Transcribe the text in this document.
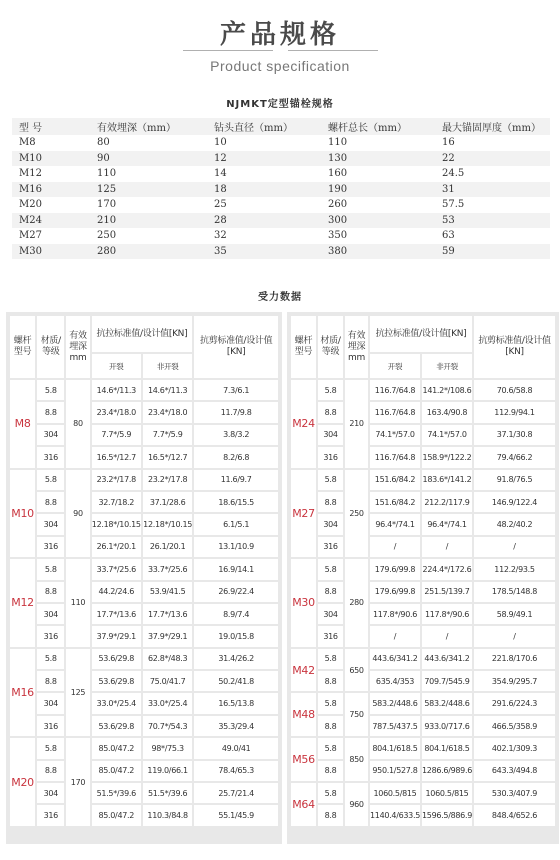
产品规格
Product specification
NJMKT定型锚栓规格
型 号	有效埋深（mm）	钻头直径（mm）	螺杆总长（mm）	最大锚固厚度（mm）
M8	80	10	110	16
M10	90	12	130	22
M12	110	14	160	24.5
M16	125	18	190	31
M20	170	25	260	57.5
M24	210	28	300	53
M27	250	32	350	63
M30	280	35	380	59
受力数据
螺杆型号	材质/等级	有效埋深mm	抗拉标准值/设计值[KN]		抗剪标准值/设计值[KN]
			开裂	非开裂	
M8	5.8	80	14.6*/11.3	14.6*/11.3	7.3/6.1
	8.8		23.4*/18.0	23.4*/18.0	11.7/9.8
	304		7.7*/5.9	7.7*/5.9	3.8/3.2
	316		16.5*/12.7	16.5*/12.7	8.2/6.8
M10	5.8	90	23.2*/17.8	23.2*/17.8	11.6/9.7
	8.8		32.7/18.2	37.1/28.6	18.6/15.5
	304		12.18*/10.15	12.18*/10.15	6.1/5.1
	316		26.1*/20.1	26.1/20.1	13.1/10.9
M12	5.8	110	33.7*/25.6	33.7*/25.6	16.9/14.1
	8.8		44.2/24.6	53.9/41.5	26.9/22.4
	304		17.7*/13.6	17.7*/13.6	8.9/7.4
	316		37.9*/29.1	37.9*/29.1	19.0/15.8
M16	5.8	125	53.6/29.8	62.8*/48.3	31.4/26.2
	8.8		53.6/29.8	75.0/41.7	50.2/41.8
	304		33.0*/25.4	33.0*/25.4	16.5/13.8
	316		53.6/29.8	70.7*/54.3	35.3/29.4
M20	5.8	170	85.0/47.2	98*/75.3	49.0/41
	8.8		85.0/47.2	119.0/66.1	78.4/65.3
	304		51.5*/39.6	51.5*/39.6	25.7/21.4
	316		85.0/47.2	110.3/84.8	55.1/45.9
螺杆型号	材质/等级	有效埋深mm	抗拉标准值/设计值[KN]		抗剪标准值/设计值[KN]
			开裂	非开裂	
M24	5.8	210	116.7/64.8	141.2*/108.6	70.6/58.8
	8.8		116.7/64.8	163.4/90.8	112.9/94.1
	304		74.1*/57.0	74.1*/57.0	37.1/30.8
	316		116.7/64.8	158.9*/122.2	79.4/66.2
M27	5.8	250	151.6/84.2	183.6*/141.2	91.8/76.5
	8.8		151.6/84.2	212.2/117.9	146.9/122.4
	304		96.4*/74.1	96.4*/74.1	48.2/40.2
	316		/	/	/
M30	5.8	280	179.6/99.8	224.4*/172.6	112.2/93.5
	8.8		179.6/99.8	251.5/139.7	178.5/148.8
	304		117.8*/90.6	117.8*/90.6	58.9/49.1
	316		/	/	/
M42	5.8	650	443.6/341.2	443.6/341.2	221.8/170.6
	8.8		635.4/353	709.7/545.9	354.9/295.7
M48	5.8	750	583.2/448.6	583.2/448.6	291.6/224.3
	8.8		787.5/437.5	933.0/717.6	466.5/358.9
M56	5.8	850	804.1/618.5	804.1/618.5	402.1/309.3
	8.8		950.1/527.8	1286.6/989.6	643.3/494.8
M64	5.8	960	1060.5/815	1060.5/815	530.3/407.9
	8.8		1140.4/633.5	1596.5/886.9	848.4/652.6
